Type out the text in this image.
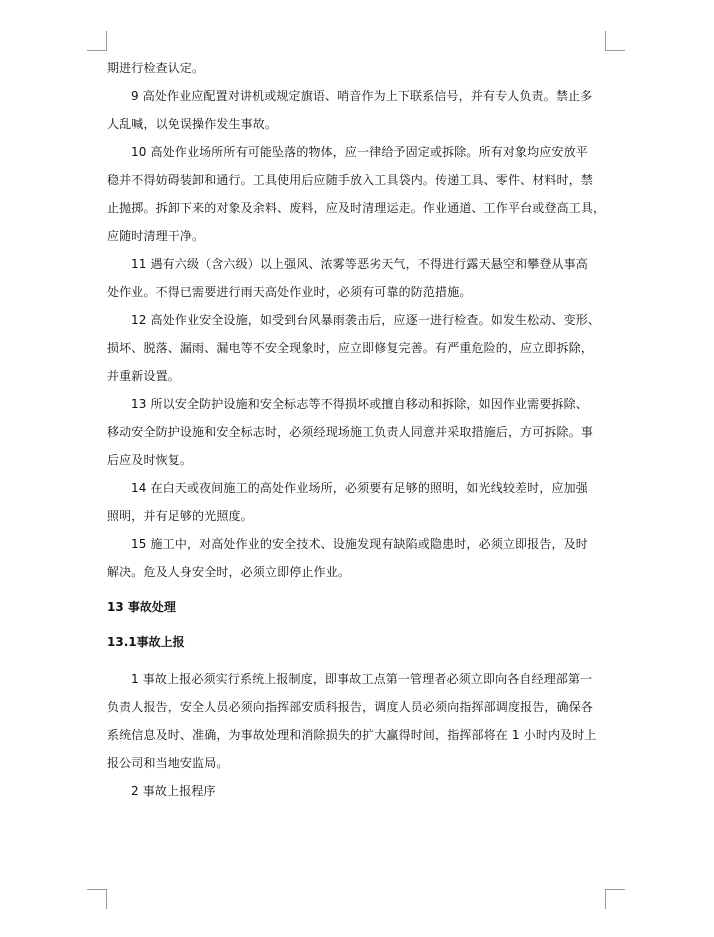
期进行检查认定。

9 高处作业应配置对讲机或规定旗语、哨音作为上下联系信号，并有专人负责。禁止多
人乱喊，以免误操作发生事故。

10 高处作业场所所有可能坠落的物体，应一律给予固定或拆除。所有对象均应安放平
稳并不得妨碍装卸和通行。工具使用后应随手放入工具袋内。传递工具、零件、材料时，禁
止抛掷。拆卸下来的对象及余料、废料，应及时清理运走。作业通道、工作平台或登高工具，
应随时清理干净。

11 遇有六级（含六级）以上强风、浓雾等恶劣天气，不得进行露天悬空和攀登从事高
处作业。不得已需要进行雨天高处作业时，必须有可靠的防范措施。

12 高处作业安全设施，如受到台风暴雨袭击后，应逐一进行检查。如发生松动、变形、
损坏、脱落、漏雨、漏电等不安全现象时，应立即修复完善。有严重危险的，应立即拆除，
并重新设置。

13 所以安全防护设施和安全标志等不得损坏或擅自移动和拆除，如因作业需要拆除、
移动安全防护设施和安全标志时，必须经现场施工负责人同意并采取措施后，方可拆除。事
后应及时恢复。

14 在白天或夜间施工的高处作业场所，必须要有足够的照明，如光线较差时，应加强
照明，并有足够的光照度。

15 施工中，对高处作业的安全技术、设施发现有缺陷或隐患时，必须立即报告，及时
解决。危及人身安全时，必须立即停止作业。

13 事故处理
13.1事故上报

1 事故上报必须实行系统上报制度，即事故工点第一管理者必须立即向各自经理部第一
负责人报告，安全人员必须向指挥部安质科报告，调度人员必须向指挥部调度报告，确保各
系统信息及时、准确，为事故处理和消除损失的扩大赢得时间，指挥部将在 1 小时内及时上
报公司和当地安监局。

2 事故上报程序
